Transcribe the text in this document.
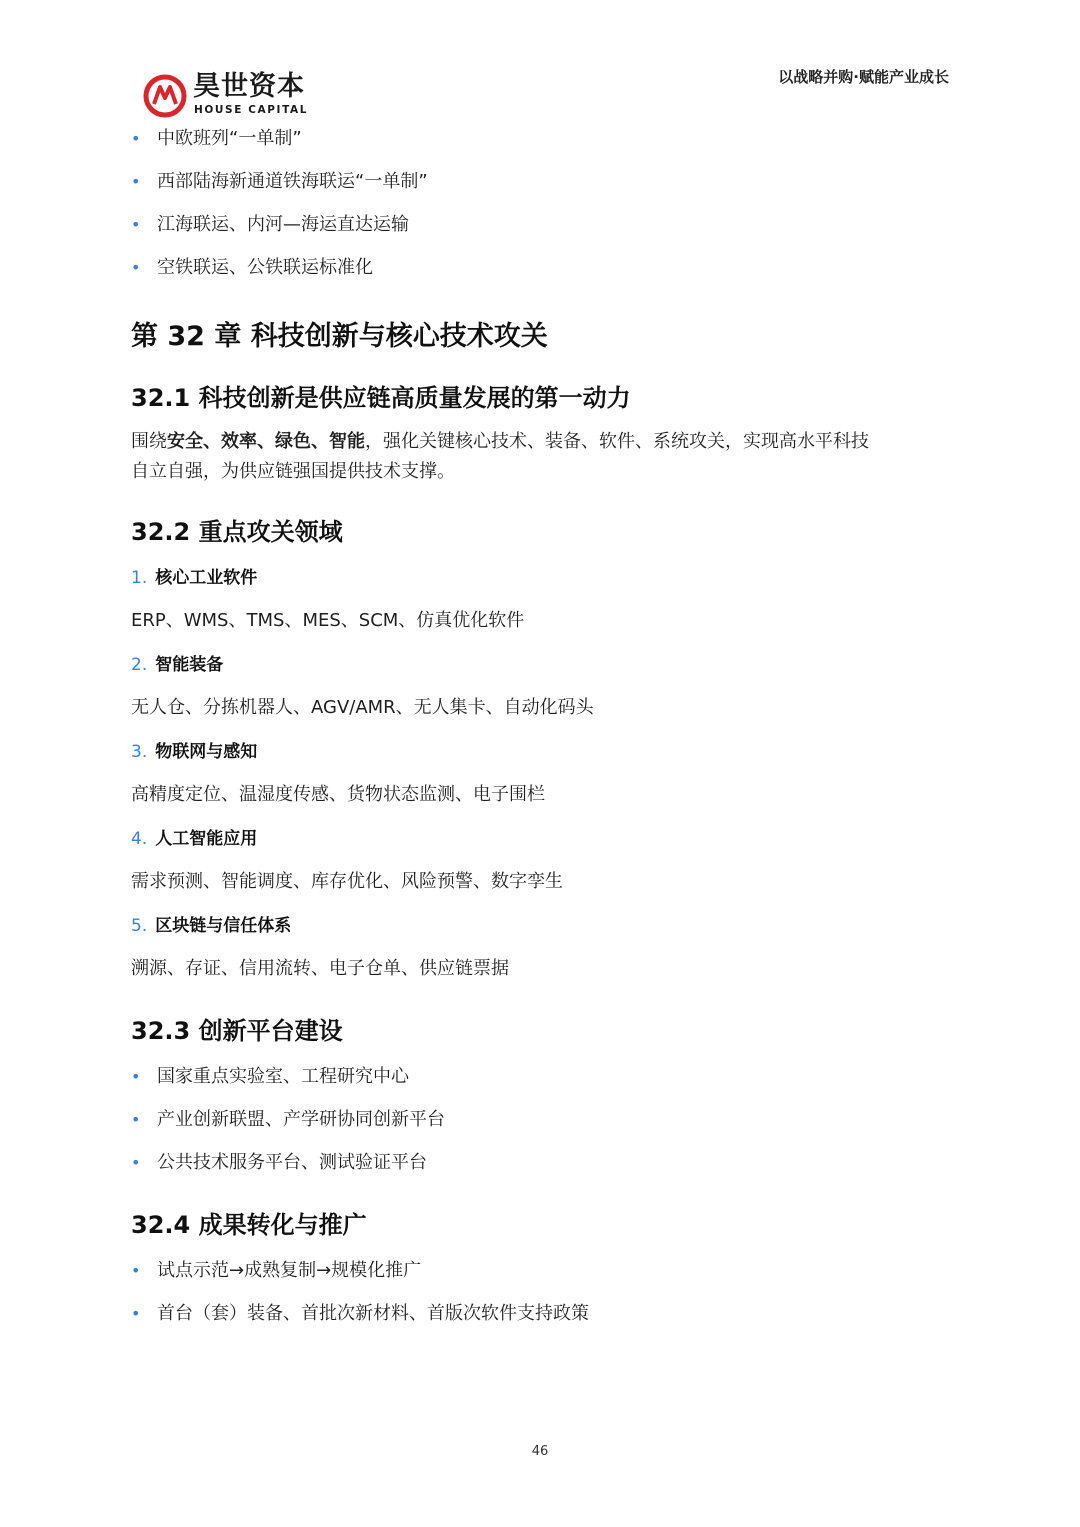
昊世资本
HOUSE CAPITAL
以战略并购·赋能产业成长
• 中欧班列“一单制”
• 西部陆海新通道铁海联运“一单制”
• 江海联运、内河—海运直达运输
• 空铁联运、公铁联运标准化
第 32 章 科技创新与核心技术攻关
32.1 科技创新是供应链高质量发展的第一动力

围绕安全、效率、绿色、智能，强化关键核心技术、装备、软件、系统攻关，实现高水平科技
自立自强，为供应链强国提供技术支撑。

32.2 重点攻关领域
1. 核心工业软件
ERP、WMS、TMS、MES、SCM、仿真优化软件
2. 智能装备
无人仓、分拣机器人、AGV/AMR、无人集卡、自动化码头
3. 物联网与感知
高精度定位、温湿度传感、货物状态监测、电子围栏
4. 人工智能应用
需求预测、智能调度、库存优化、风险预警、数字孪生
5. 区块链与信任体系
溯源、存证、信用流转、电子仓单、供应链票据
32.3 创新平台建设
• 国家重点实验室、工程研究中心
• 产业创新联盟、产学研协同创新平台
• 公共技术服务平台、测试验证平台
32.4 成果转化与推广
• 试点示范→成熟复制→规模化推广
• 首台（套）装备、首批次新材料、首版次软件支持政策
46
